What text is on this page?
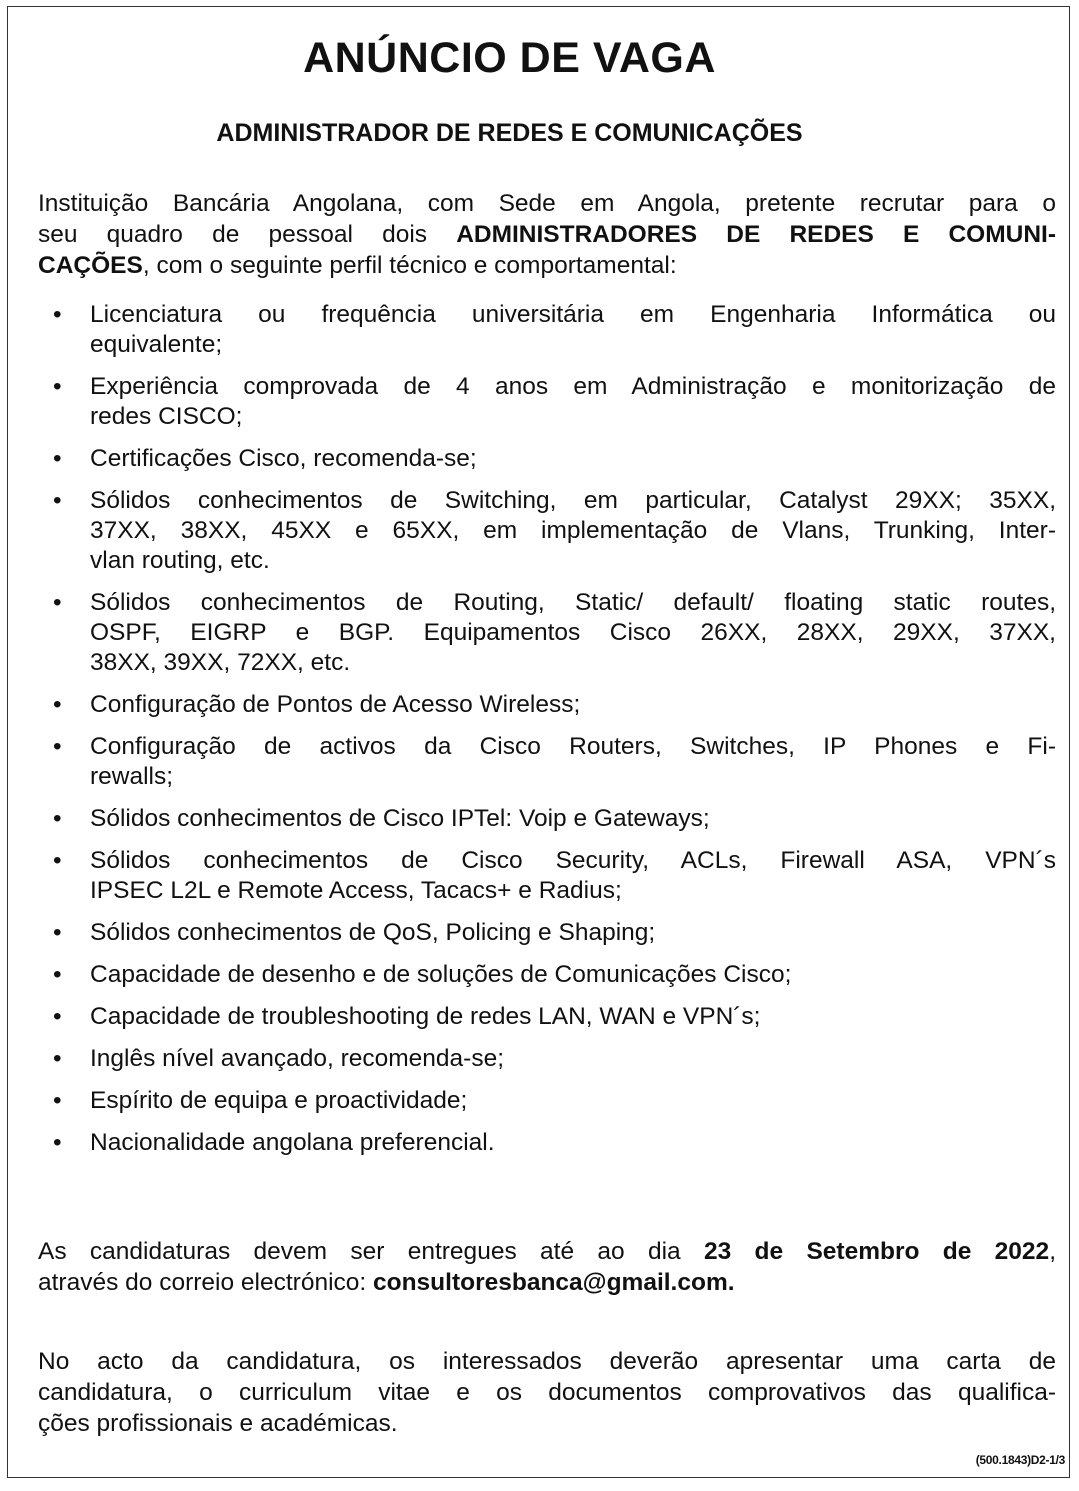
ANÚNCIO DE VAGA
ADMINISTRADOR DE REDES E COMUNICAÇÕES
Instituição Bancária Angolana, com Sede em Angola, pretente recrutar para o
seu quadro de pessoal dois ADMINISTRADORES DE REDES E COMUNI-
CAÇÕES, com o seguinte perfil técnico e comportamental:
• Licenciatura ou frequência universitária em Engenharia Informática ou
equivalente;
• Experiência comprovada de 4 anos em Administração e monitorização de
redes CISCO;
• Certificações Cisco, recomenda-se;
• Sólidos conhecimentos de Switching, em particular, Catalyst 29XX; 35XX,
37XX, 38XX, 45XX e 65XX, em implementação de Vlans, Trunking, Inter-
vlan routing, etc.
• Sólidos conhecimentos de Routing, Static/ default/ floating static routes,
OSPF, EIGRP e BGP. Equipamentos Cisco 26XX, 28XX, 29XX, 37XX,
38XX, 39XX, 72XX, etc.
• Configuração de Pontos de Acesso Wireless;
• Configuração de activos da Cisco Routers, Switches, IP Phones e Fi-
rewalls;
• Sólidos conhecimentos de Cisco IPTel: Voip e Gateways;
• Sólidos conhecimentos de Cisco Security, ACLs, Firewall ASA, VPN´s
IPSEC L2L e Remote Access, Tacacs+ e Radius;
• Sólidos conhecimentos de QoS, Policing e Shaping;
• Capacidade de desenho e de soluções de Comunicações Cisco;
• Capacidade de troubleshooting de redes LAN, WAN e VPN´s;
• Inglês nível avançado, recomenda-se;
• Espírito de equipa e proactividade;
• Nacionalidade angolana preferencial.
As candidaturas devem ser entregues até ao dia 23 de Setembro de 2022,
através do correio electrónico: consultoresbanca@gmail.com.
No acto da candidatura, os interessados deverão apresentar uma carta de
candidatura, o curriculum vitae e os documentos comprovativos das qualifica-
ções profissionais e académicas.
(500.1843)D2-1/3
